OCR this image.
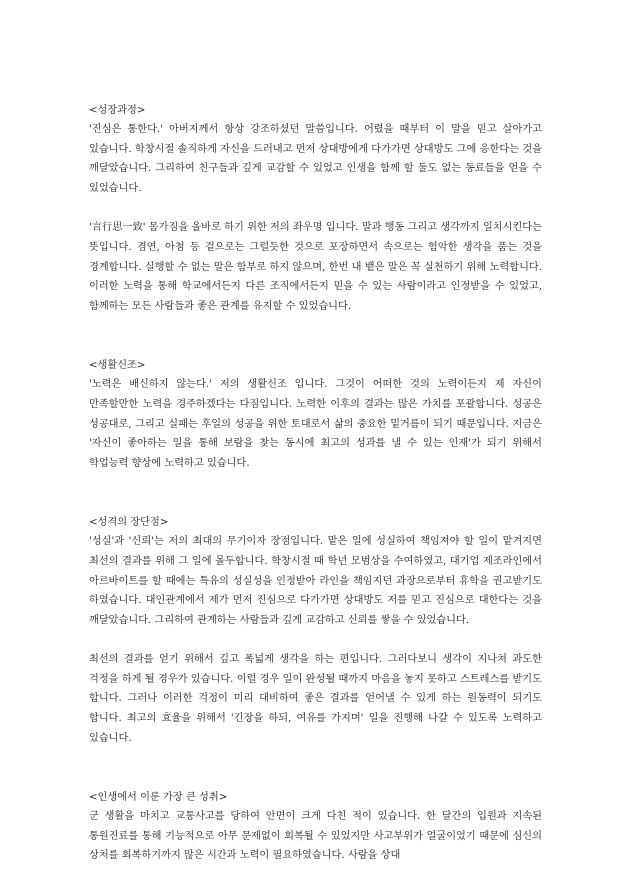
<성장과정>

'진심은 통한다.' 아버지께서 항상 강조하셨던 말씀입니다. 어렸을 때부터 이 말을 믿고 살아가고 있습니다. 학창시절 솔직하게 자신을 드러내고 먼저 상대방에게 다가가면 상대방도 그에 응한다는 것을 깨달았습니다. 그리하여 친구들과 깊게 교감할 수 있었고 인생을 함께 할 둘도 없는 동료들을 얻을 수 있었습니다.

'言行思一致' 몸가짐을 올바로 하기 위한 저의 좌우명 입니다. 말과 행동 그리고 생각까지 일치시킨다는 뜻입니다. 겸연, 아첨 등 겉으로는 그럴듯한 것으로 포장하면서 속으로는 험악한 생각을 품는 것을 경계합니다. 실행할 수 없는 말은 함부로 하지 않으며, 한번 내 뱉은 말은 꼭 실천하기 위해 노력합니다. 이러한 노력을 통해 학교에서든지 다른 조직에서든지 믿을 수 있는 사람이라고 인정받을 수 있었고, 함께하는 모든 사람들과 좋은 관계를 유지할 수 있었습니다.

<생활신조>

'노력은 배신하지 않는다.' 저의 생활신조 입니다. 그것이 어떠한 것의 노력이든지 제 자신이 만족할만한 노력을 경주하겠다는 다짐입니다. 노력한 이후의 결과는 많은 가치를 포괄합니다. 성공은 성공대로, 그리고 실패는 후일의 성공을 위한 토대로서 삶의 중요한 밑거름이 되기 때문입니다. 지금은 '자신이 좋아하는 일을 통해 보람을 찾는 동시에 최고의 성과를 낼 수 있는 인재'가 되기 위해서 학업능력 향상에 노력하고 있습니다.

<성격의 장단점>

'성실'과 '신뢰'는 저의 최대의 무기이자 장점입니다. 맡은 일에 성실하여 책임져야 할 일이 맡겨지면 최선의 결과를 위해 그 일에 몰두합니다. 학창시절 때 학년 모범상을 수여하였고, 대기업 제조라인에서 아르바이트를 할 때에는 특유의 성실성을 인정받아 라인을 책임지던 과장으로부터 휴학을 권고받기도 하였습니다. 대인관계에서 제가 먼저 진심으로 다가가면 상대방도 저를 믿고 진심으로 대한다는 것을 깨달았습니다. 그리하여 관계하는 사람들과 깊게 교감하고 신뢰를 쌓을 수 있었습니다.

최선의 결과를 얻기 위해서 깊고 폭넓게 생각을 하는 편입니다. 그러다보니 생각이 지나쳐 과도한 걱정을 하게 될 경우가 있습니다. 이럴 경우 일이 완성될 때까지 마음을 놓지 못하고 스트레스를 받기도 합니다. 그러나 이러한 걱정이 미리 대비하여 좋은 결과를 얻어낼 수 있게 하는 원동력이 되기도 합니다. 최고의 효율을 위해서 '긴장을 하되, 여유를 가지며' 일을 진행해 나갈 수 있도록 노력하고 있습니다.

<인생에서 이룬 가장 큰 성취>

군 생활을 마치고 교통사고를 당하여 안면이 크게 다친 적이 있습니다. 한 달간의 입원과 지속된 통원진료를 통해 기능적으로 아무 문제없이 회복될 수 있었지만 사고부위가 얼굴이었기 때문에 심신의 상처를 회복하기까지 많은 시간과 노력이 필요하였습니다. 사람을 상대
